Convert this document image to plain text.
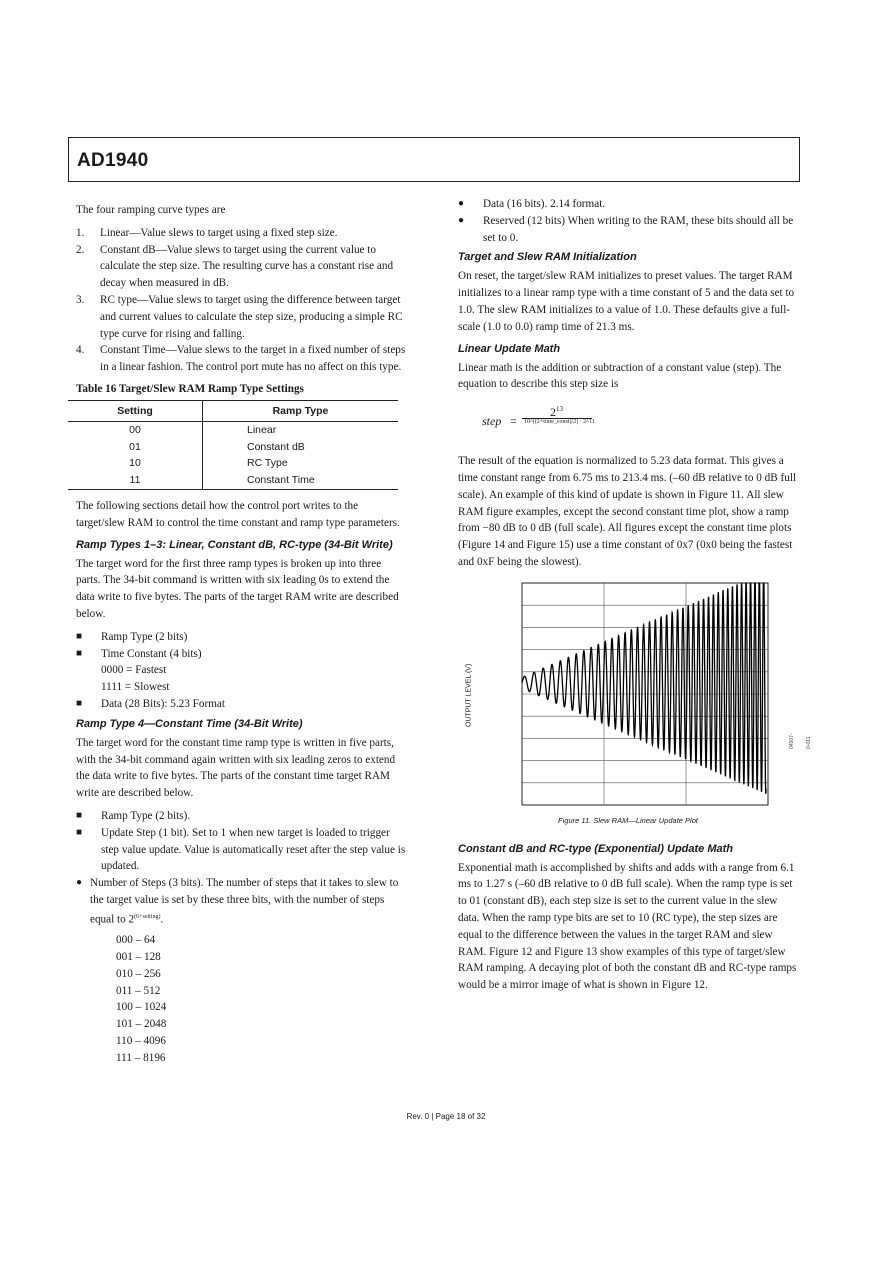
AD1940

The four ramping curve types are

1. Linear—Value slews to target using a fixed step size.
2. Constant dB—Value slews to target using the current value to calculate the step size. The resulting curve has a constant rise and decay when measured in dB.
3. RC type—Value slews to target using the difference between target and current values to calculate the step size, producing a simple RC type curve for rising and falling.
4. Constant Time—Value slews to the target in a fixed number of steps in a linear fashion. The control port mute has no affect on this type.
Table 16 Target/Slew RAM Ramp Type Settings
Setting	Ramp Type
00	Linear
01	Constant dB
10	RC Type
11	Constant Time

The following sections detail how the control port writes to the target/slew RAM to control the time constant and ramp type parameters.

Ramp Types 1–3: Linear, Constant dB, RC-type (34-Bit Write)

The target word for the first three ramp types is broken up into three parts. The 34-bit command is written with six leading 0s to extend the data write to five bytes. The parts of the target RAM write are described below.

■ Ramp Type (2 bits)
■ Time Constant (4 bits)
0000 = Fastest
1111 = Slowest
■ Data (28 Bits): 5.23 Format
Ramp Type 4—Constant Time (34-Bit Write)

The target word for the constant time ramp type is written in five parts, with the 34-bit command again written with six leading zeros to extend the data write to five bytes. The parts of the constant time target RAM write are described below.

■ Ramp Type (2 bits).
■ Update Step (1 bit). Set to 1 when new target is loaded to trigger step value update. Value is automatically reset after the step value is updated.
● Number of Steps (3 bits). The number of steps that it takes to slew to the target value is set by these three bits, with the number of steps equal to $2^{(6+setting)}$.
000 – 64
001 – 128
010 – 256
011 – 512
100 – 1024
101 – 2048
110 – 4096
111 – 8196
● Data (16 bits). 2.14 format.
● Reserved (12 bits) When writing to the RAM, these bits should all be set to 0.
Target and Slew RAM Initialization

On reset, the target/slew RAM initializes to preset values. The target RAM initializes to a linear ramp type with a time constant of 5 and the data set to 1.0. The slew RAM initializes to a value of 1.0. These defaults give a full-scale (1.0 to 0.0) ramp time of 21.3 ms.

Linear Update Math

Linear math is the addition or subtraction of a constant value (step). The equation to describe this step size is

step =
$2^{13}$
10^((2+time_const)/2) · 2^11

The result of the equation is normalized to 5.23 data format. This gives a time constant range from 6.75 ms to 213.4 ms. (–60 dB relative to 0 dB full scale). An example of this kind of update is shown in Figure 11. All slew RAM figure examples, except the second constant time plot, show a ramp from −80 dB to 0 dB (full scale). All figures except the constant time plots (Figure 14 and Figure 15) use a time constant of 0x7 (0x0 being the fastest and 0xF being the slowest).

OUTPUT LEVEL (V)
04507-0-011
Figure 11. Slew RAM—Linear Update Plot
Constant dB and RC-type (Exponential) Update Math

Exponential math is accomplished by shifts and adds with a range from 6.1 ms to 1.27 s (–60 dB relative to 0 dB full scale). When the ramp type is set to 01 (constant dB), each step size is set to the current value in the slew data. When the ramp type bits are set to 10 (RC type), the step sizes are equal to the difference between the values in the target RAM and slew RAM. Figure 12 and Figure 13 show examples of this type of target/slew RAM ramping. A decaying plot of both the constant dB and RC-type ramps would be a mirror image of what is shown in Figure 12.

Rev. 0 | Page 18 of 32
